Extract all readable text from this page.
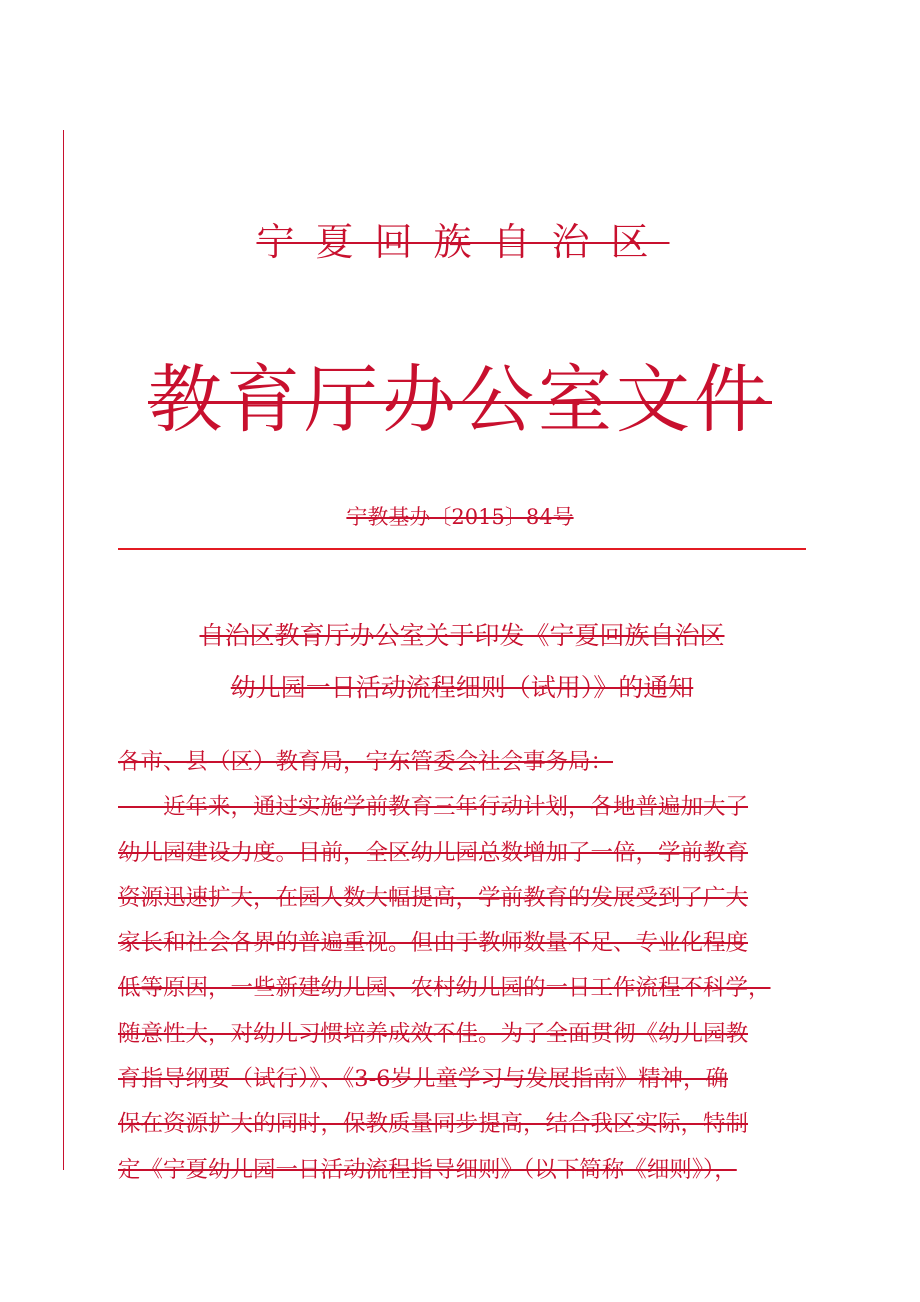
宁夏回族自治区
教育厅办公室文件
宁教基办〔2015〕84号
自治区教育厅办公室关于印发《宁夏回族自治区
幼儿园一日活动流程细则（试用）》的通知
各市、县（区）教育局，宁东管委会社会事务局：
　　近年来，通过实施学前教育三年行动计划，各地普遍加大了
幼儿园建设力度。目前，全区幼儿园总数增加了一倍，学前教育
资源迅速扩大，在园人数大幅提高，学前教育的发展受到了广大
家长和社会各界的普遍重视。但由于教师数量不足、专业化程度
低等原因，一些新建幼儿园、农村幼儿园的一日工作流程不科学，
随意性大，对幼儿习惯培养成效不佳。为了全面贯彻《幼儿园教
育指导纲要（试行）》、《3-6岁儿童学习与发展指南》精神，确
保在资源扩大的同时，保教质量同步提高，结合我区实际，特制
定《宁夏幼儿园一日活动流程指导细则》（以下简称《细则》），
